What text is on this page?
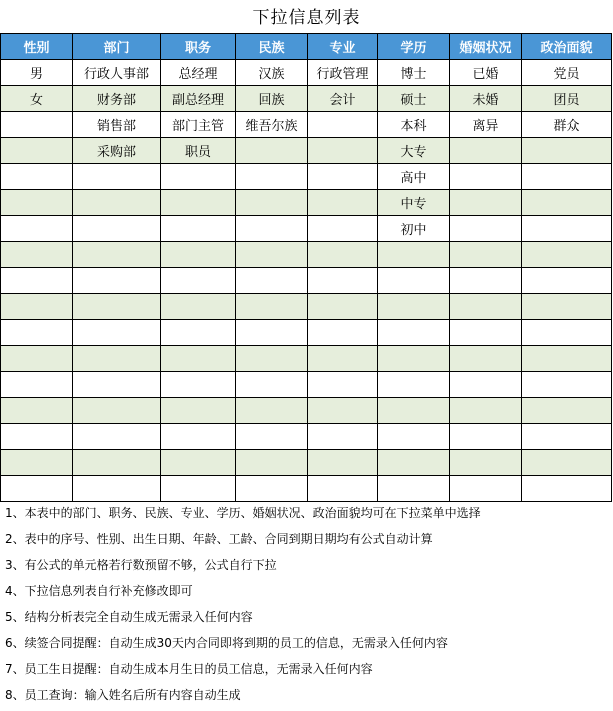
下拉信息列表
性别	部门	职务	民族	专业	学历	婚姻状况	政治面貌
男	行政人事部	总经理	汉族	行政管理	博士	已婚	党员
女	财务部	副总经理	回族	会计	硕士	未婚	团员
	销售部	部门主管	维吾尔族		本科	离异	群众
	采购部	职员			大专		
					高中		
					中专		
					初中		

1、本表中的部门、职务、民族、专业、学历、婚姻状况、政治面貌均可在下拉菜单中选择
2、表中的序号、性别、出生日期、年龄、工龄、合同到期日期均有公式自动计算
3、有公式的单元格若行数预留不够，公式自行下拉
4、下拉信息列表自行补充修改即可
5、结构分析表完全自动生成无需录入任何内容
6、续签合同提醒：自动生成30天内合同即将到期的员工的信息，无需录入任何内容
7、员工生日提醒：自动生成本月生日的员工信息，无需录入任何内容
8、员工查询：输入姓名后所有内容自动生成
